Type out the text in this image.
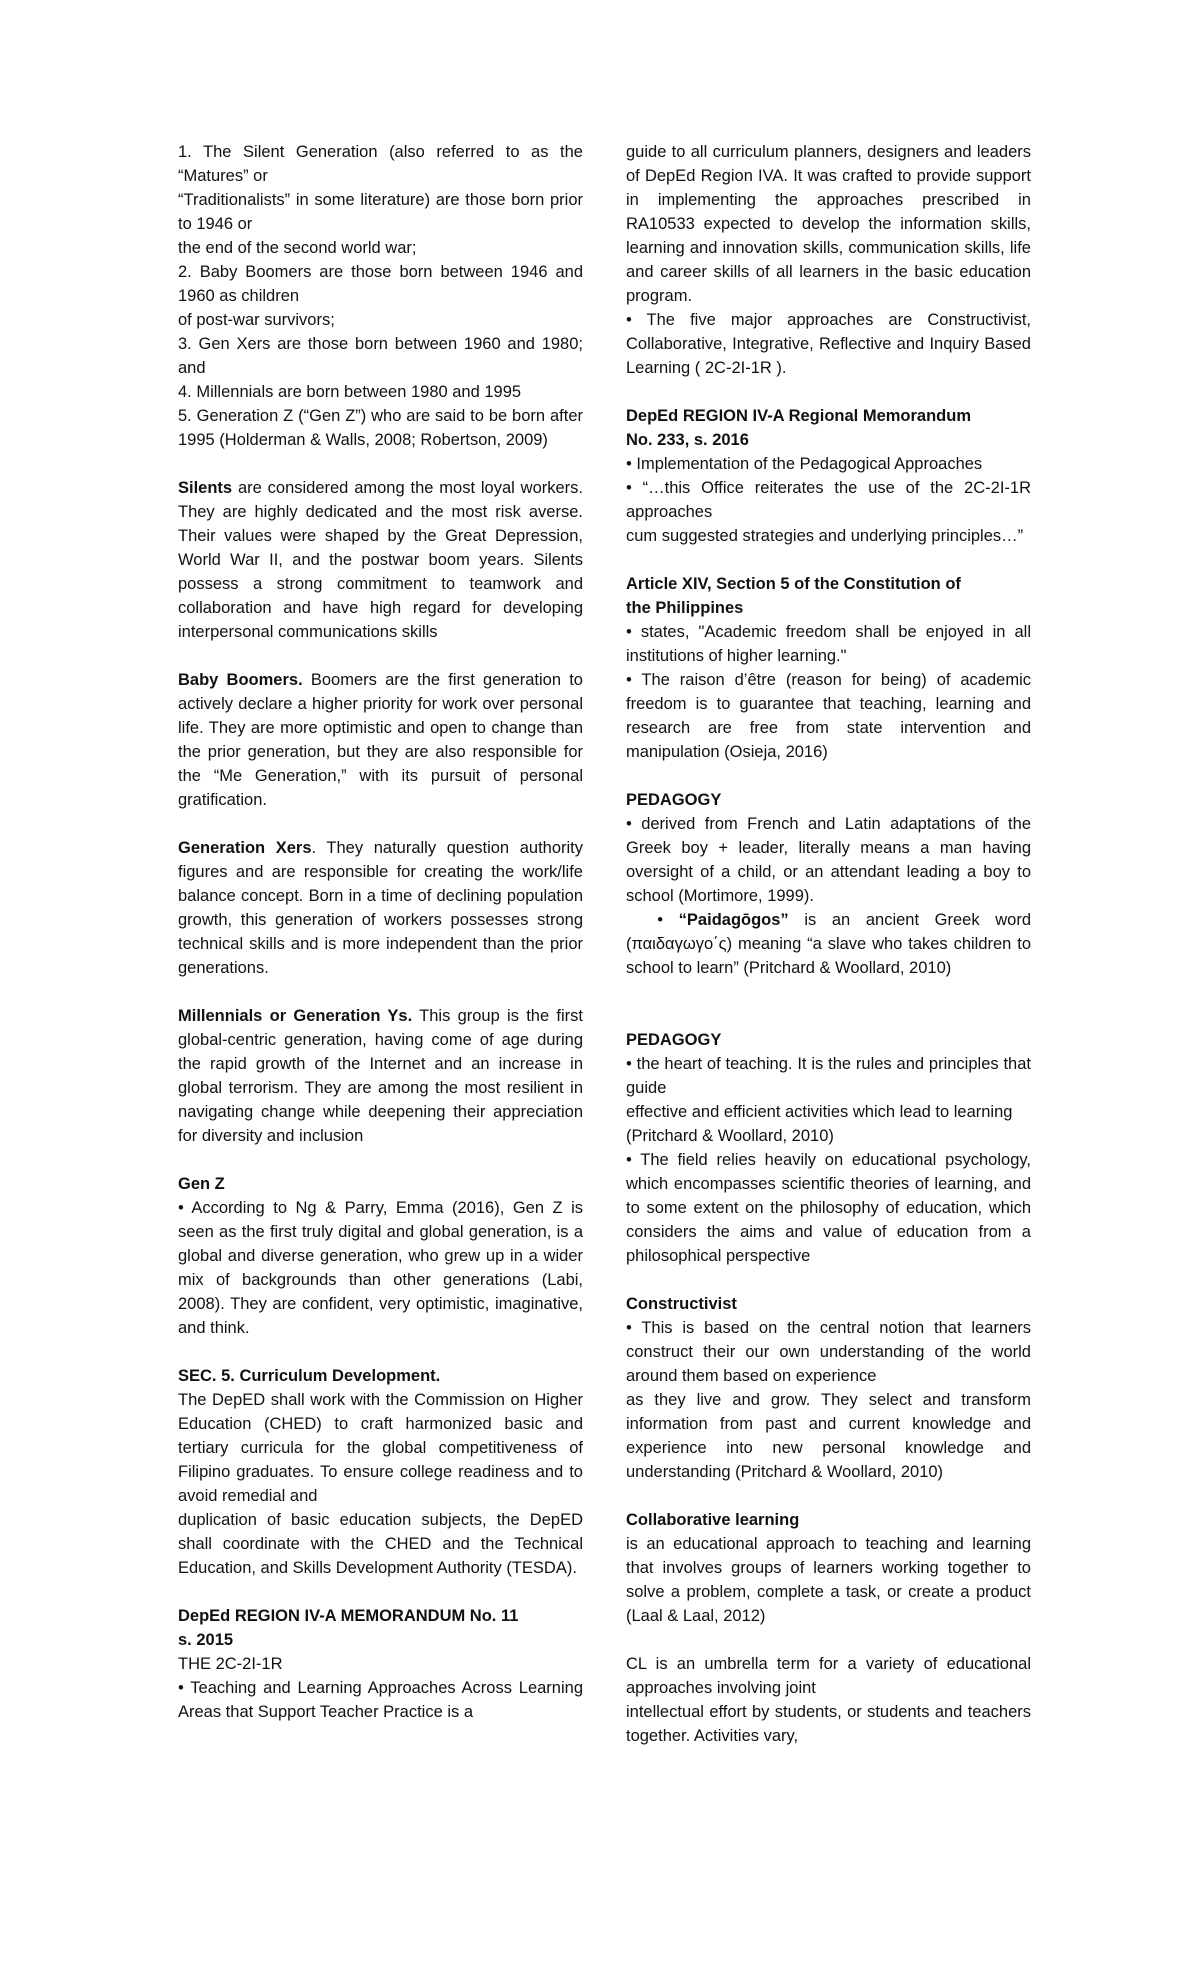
1. The Silent Generation (also referred to as the “Matures” or

“Traditionalists” in some literature) are those born prior to 1946 or

the end of the second world war;

2. Baby Boomers are those born between 1946 and 1960 as children

of post-war survivors;

3. Gen Xers are those born between 1960 and 1980; and

4. Millennials are born between 1980 and 1995

5. Generation Z (“Gen Z”) who are said to be born after 1995 (Holderman & Walls, 2008; Robertson, 2009)

Silents are considered among the most loyal workers. They are highly dedicated and the most risk averse. Their values were shaped by the Great Depression, World War II, and the postwar boom years. Silents possess a strong commitment to teamwork and collaboration and have high regard for developing interpersonal communications skills

Baby Boomers. Boomers are the first generation to actively declare a higher priority for work over personal life. They are more optimistic and open to change than the prior generation, but they are also responsible for the “Me Generation,” with its pursuit of personal gratification.

Generation Xers. They naturally question authority figures and are responsible for creating the work/life balance concept. Born in a time of declining population growth, this generation of workers possesses strong technical skills and is more independent than the prior generations.

Millennials or Generation Ys. This group is the first global-centric generation, having come of age during the rapid growth of the Internet and an increase in global terrorism. They are among the most resilient in navigating change while deepening their appreciation for diversity and inclusion

Gen Z

• According to Ng & Parry, Emma (2016), Gen Z is seen as the first truly digital and global generation, is a global and diverse generation, who grew up in a wider mix of backgrounds than other generations (Labi, 2008). They are confident, very optimistic, imaginative, and think.

SEC. 5. Curriculum Development.

The DepED shall work with the Commission on Higher Education (CHED) to craft harmonized basic and tertiary curricula for the global competitiveness of Filipino graduates. To ensure college readiness and to avoid remedial and

duplication of basic education subjects, the DepED shall coordinate with the CHED and the Technical Education, and Skills Development Authority (TESDA).

DepEd REGION IV-A MEMORANDUM No. 11

s. 2015

THE 2C-2I-1R

• Teaching and Learning Approaches Across Learning Areas that Support Teacher Practice is a

guide to all curriculum planners, designers and leaders of DepEd Region IVA. It was crafted to provide support in implementing the approaches prescribed in RA10533 expected to develop the information skills, learning and innovation skills, communication skills, life and career skills of all learners in the basic education program.

• The five major approaches are Constructivist, Collaborative, Integrative, Reflective and Inquiry Based Learning ( 2C-2I-1R ).

DepEd REGION IV-A Regional Memorandum

No. 233, s. 2016

• Implementation of the Pedagogical Approaches

• “…this Office reiterates the use of the 2C-2I-1R approaches

cum suggested strategies and underlying principles…”

Article XIV, Section 5 of the Constitution of

the Philippines

• states, "Academic freedom shall be enjoyed in all institutions of higher learning."

• The raison d’être (reason for being) of academic freedom is to guarantee that teaching, learning and research are free from state intervention and manipulation (Osieja, 2016)

PEDAGOGY

• derived from French and Latin adaptations of the Greek boy + leader, literally means a man having oversight of a child, or an attendant leading a boy to school (Mortimore, 1999).

• “Paidagōgos” is an ancient Greek word (παιδαγωγο΄ς) meaning “a slave who takes children to school to learn” (Pritchard & Woollard, 2010)

PEDAGOGY

• the heart of teaching. It is the rules and principles that guide

effective and efficient activities which lead to learning

(Pritchard & Woollard, 2010)

• The field relies heavily on educational psychology, which encompasses scientific theories of learning, and to some extent on the philosophy of education, which considers the aims and value of education from a philosophical perspective

Constructivist

• This is based on the central notion that learners construct their our own understanding of the world around them based on experience

as they live and grow. They select and transform information from past and current knowledge and experience into new personal knowledge and understanding (Pritchard & Woollard, 2010)

Collaborative learning

is an educational approach to teaching and learning that involves groups of learners working together to solve a problem, complete a task, or create a product (Laal & Laal, 2012)

CL is an umbrella term for a variety of educational approaches involving joint

intellectual effort by students, or students and teachers together. Activities vary,
